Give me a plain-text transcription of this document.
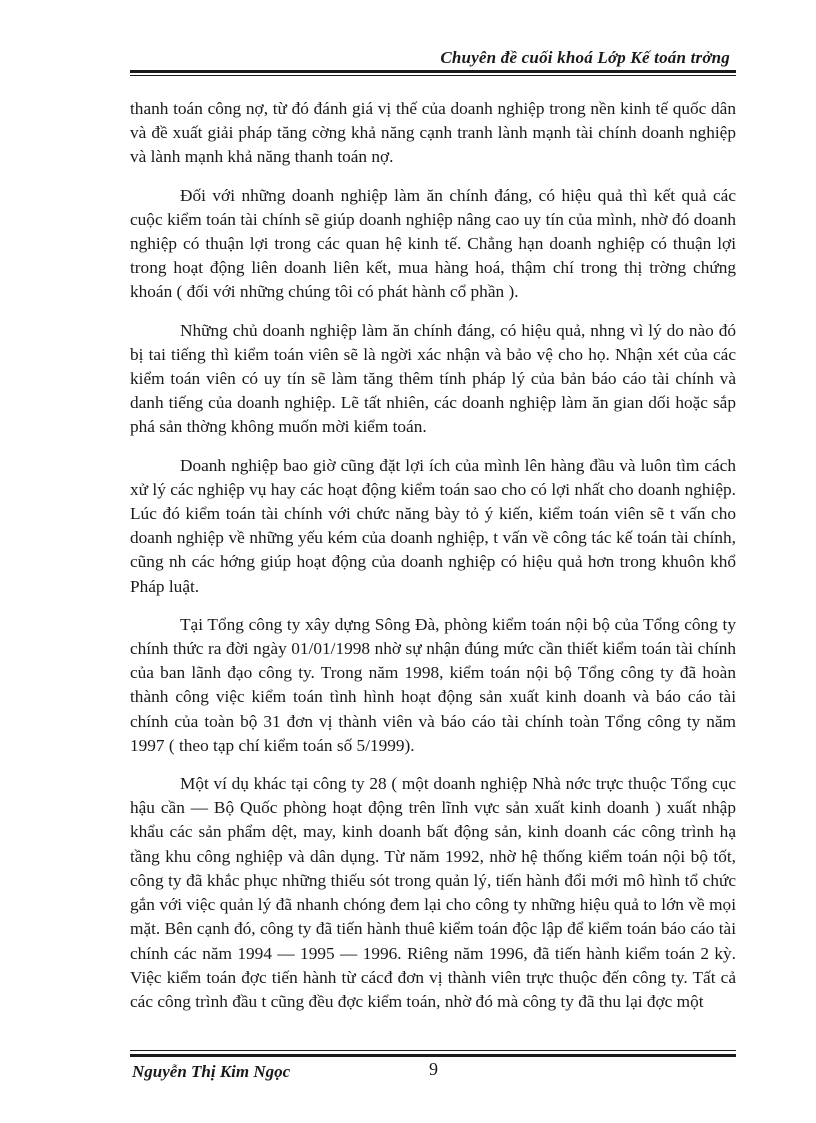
Chuyên đề cuối khoá Lớp Kế toán trởng

thanh toán công nợ, từ đó đánh giá vị thế của doanh nghiệp trong nền kinh tế quốc dân và đề xuất giải pháp tăng cờng khả năng cạnh tranh lành mạnh tài chính doanh nghiệp và lành mạnh khả năng thanh toán nợ.

Đối với những doanh nghiệp làm ăn chính đáng, có hiệu quả thì kết quả các cuộc kiểm toán tài chính sẽ giúp doanh nghiệp nâng cao uy tín của mình, nhờ đó doanh nghiệp có thuận lợi trong các quan hệ kinh tế. Chẳng hạn doanh nghiệp có thuận lợi trong hoạt động liên doanh liên kết, mua hàng hoá, thậm chí trong thị trờng chứng khoán ( đối với những chúng tôi có phát hành cổ phần ).

Những chủ doanh nghiệp làm ăn chính đáng, có hiệu quả, nhng vì lý do nào đó bị tai tiếng thì kiểm toán viên sẽ là ngời xác nhận và bảo vệ cho họ. Nhận xét của các kiểm toán viên có uy tín sẽ làm tăng thêm tính pháp lý của bản báo cáo tài chính và danh tiếng của doanh nghiệp. Lẽ tất nhiên, các doanh nghiệp làm ăn gian dối hoặc sắp phá sản thờng không muốn mời kiểm toán.

Doanh nghiệp bao giờ cũng đặt lợi ích của mình lên hàng đầu và luôn tìm cách xử lý các nghiệp vụ hay các hoạt động kiểm toán sao cho có lợi nhất cho doanh nghiệp. Lúc đó kiểm toán tài chính với chức năng bày tỏ ý kiến, kiểm toán viên sẽ t vấn cho doanh nghiệp về những yếu kém của doanh nghiệp, t vấn về công tác kế toán tài chính, cũng nh các hớng giúp hoạt động của doanh nghiệp có hiệu quả hơn trong khuôn khổ Pháp luật.

Tại Tổng công ty xây dựng Sông Đà, phòng kiểm toán nội bộ của Tổng công ty chính thức ra đời ngày 01/01/1998 nhờ sự nhận đúng mức cần thiết kiểm toán tài chính của ban lãnh đạo công ty. Trong năm 1998, kiểm toán nội bộ Tổng công ty đã hoàn thành công việc kiểm toán tình hình hoạt động sản xuất kinh doanh và báo cáo tài chính của toàn bộ 31 đơn vị thành viên và báo cáo tài chính toàn Tổng công ty năm 1997 ( theo tạp chí kiểm toán số 5/1999).

Một ví dụ khác tại công ty 28 ( một doanh nghiệp Nhà nớc trực thuộc Tổng cục hậu cần — Bộ Quốc phòng hoạt động trên lĩnh vực sản xuất kinh doanh ) xuất nhập khẩu các sản phẩm dệt, may, kinh doanh bất động sản, kinh doanh các công trình hạ tầng khu công nghiệp và dân dụng. Từ năm 1992, nhờ hệ thống kiểm toán nội bộ tốt, công ty đã khắc phục những thiếu sót trong quản lý, tiến hành đổi mới mô hình tổ chức gắn với việc quản lý đã nhanh chóng đem lại cho công ty những hiệu quả to lớn về mọi mặt. Bên cạnh đó, công ty đã tiến hành thuê kiểm toán độc lập để kiểm toán báo cáo tài chính các năm 1994 — 1995 — 1996. Riêng năm 1996, đã tiến hành kiểm toán 2 kỳ. Việc kiểm toán đợc tiến hành từ cácđ đơn vị thành viên trực thuộc đến công ty. Tất cả các công trình đầu t cũng đều đợc kiểm toán, nhờ đó mà công ty đã thu lại đợc một

Nguyễn Thị Kim Ngọc	9
